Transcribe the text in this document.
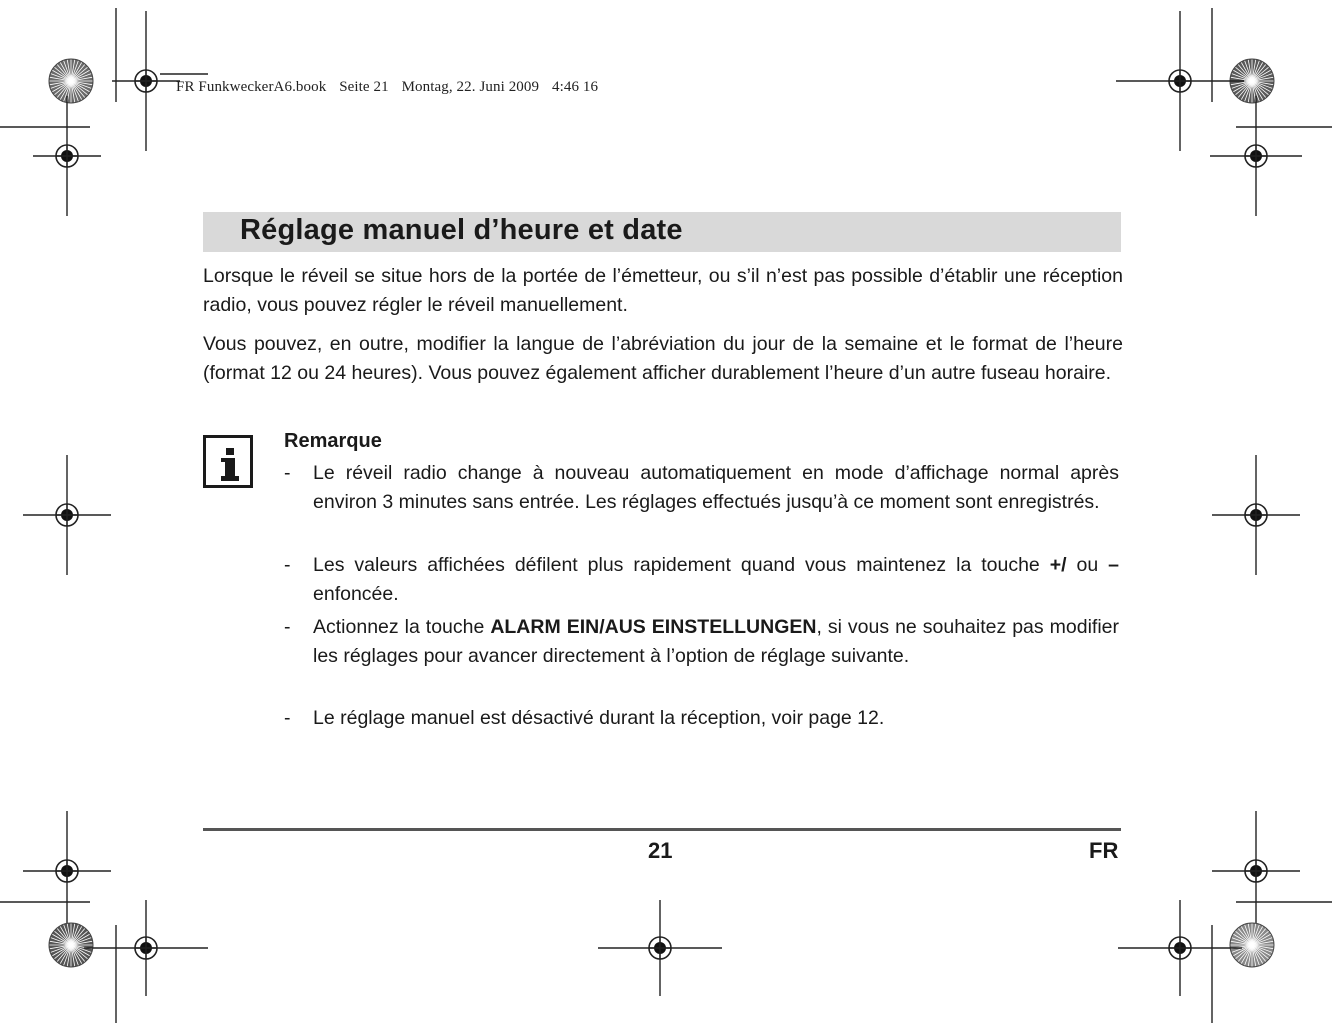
FR FunkweckerA6.book Seite 21 Montag, 22. Juni 2009 4:46 16
Réglage manuel d’heure et date

Lorsque le réveil se situe hors de la portée de l’émetteur, ou s’il n’est pas possible d’établir une réception radio, vous pouvez régler le réveil manuellement.

Vous pouvez, en outre, modifier la langue de l’abréviation du jour de la semaine et le format de l’heure (format 12 ou 24 heures). Vous pouvez également afficher durablement l’heure d’un autre fuseau horaire.

Remarque
- Le réveil radio change à nouveau automatiquement en mode d’affichage normal après environ 3 minutes sans entrée. Les réglages effectués jusqu’à ce moment sont enregistrés.
- Les valeurs affichées défilent plus rapidement quand vous maintenez la touche +/ ou – enfoncée.
- Actionnez la touche ALARM EIN/AUS EINSTELLUNGEN, si vous ne souhaitez pas modifier les réglages pour avancer directement à l’option de réglage suivante.
- Le réglage manuel est désactivé durant la réception, voir page 12.
21	FR
